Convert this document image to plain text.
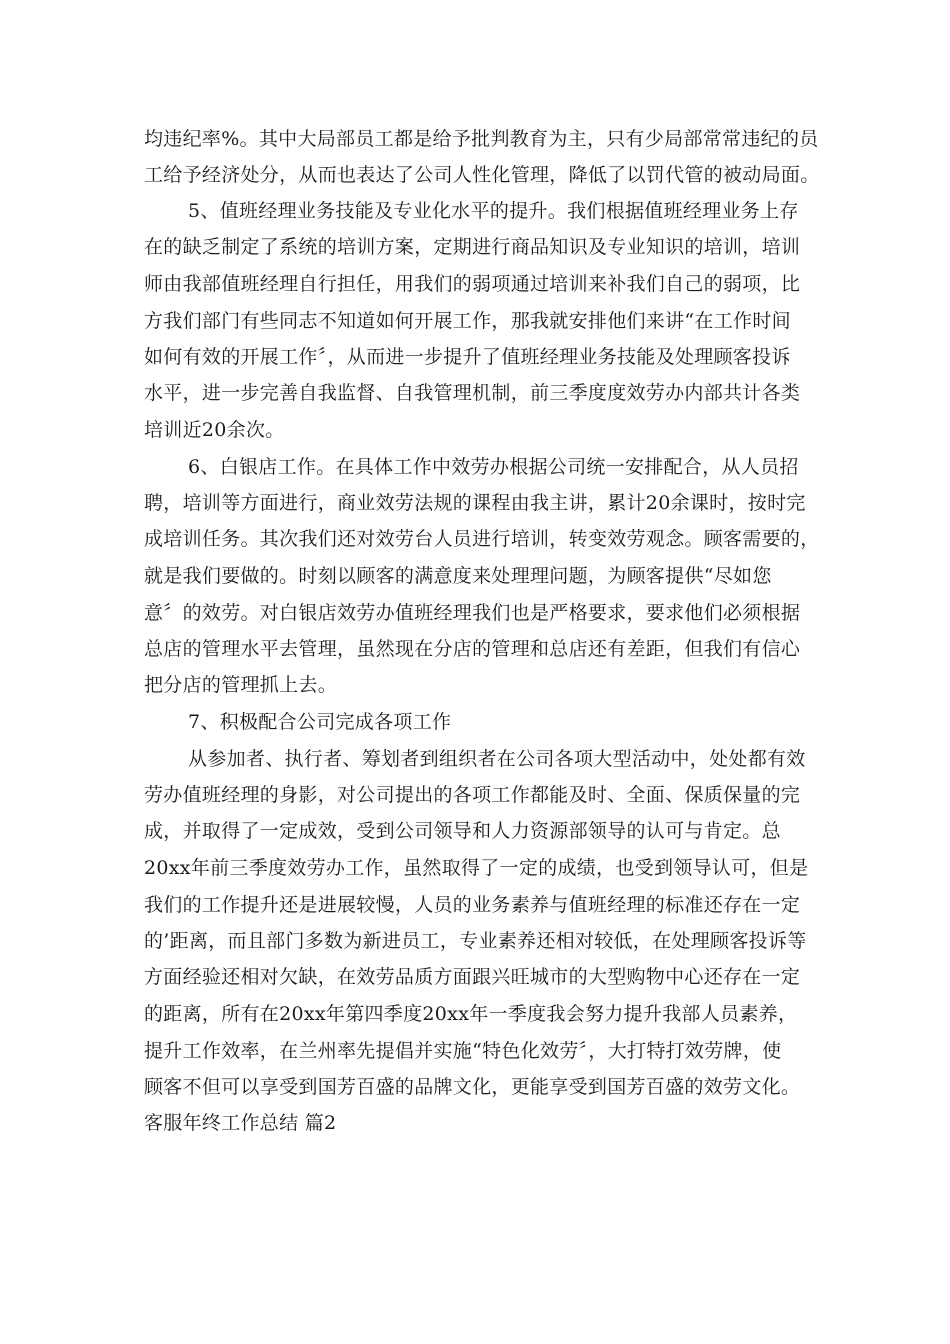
均违纪率%。其中大局部员工都是给予批判教育为主，只有少局部常常违纪的员
工给予经济处分，从而也表达了公司人性化管理，降低了以罚代管的被动局面。
5、值班经理业务技能及专业化水平的提升。我们根据值班经理业务上存
在的缺乏制定了系统的培训方案，定期进行商品知识及专业知识的培训，培训
师由我部值班经理自行担任，用我们的弱项通过培训来补我们自己的弱项，比
方我们部门有些同志不知道如何开展工作，那我就安排他们来讲“在工作时间
如何有效的开展工作〞，从而进一步提升了值班经理业务技能及处理顾客投诉
水平，进一步完善自我监督、自我管理机制，前三季度度效劳办内部共计各类
培训近20余次。
6、白银店工作。在具体工作中效劳办根据公司统一安排配合，从人员招
聘，培训等方面进行，商业效劳法规的课程由我主讲，累计20余课时，按时完
成培训任务。其次我们还对效劳台人员进行培训，转变效劳观念。顾客需要的，
就是我们要做的。时刻以顾客的满意度来处理理问题，为顾客提供“尽如您
意〞的效劳。对白银店效劳办值班经理我们也是严格要求，要求他们必须根据
总店的管理水平去管理，虽然现在分店的管理和总店还有差距，但我们有信心
把分店的管理抓上去。
7、积极配合公司完成各项工作
从参加者、执行者、筹划者到组织者在公司各项大型活动中，处处都有效
劳办值班经理的身影，对公司提出的各项工作都能及时、全面、保质保量的完
成，并取得了一定成效，受到公司领导和人力资源部领导的认可与肯定。总
20xx年前三季度效劳办工作，虽然取得了一定的成绩，也受到领导认可，但是
我们的工作提升还是进展较慢，人员的业务素养与值班经理的标准还存在一定
的’距离，而且部门多数为新进员工，专业素养还相对较低，在处理顾客投诉等
方面经验还相对欠缺，在效劳品质方面跟兴旺城市的大型购物中心还存在一定
的距离，所有在20xx年第四季度20xx年一季度我会努力提升我部人员素养，
提升工作效率，在兰州率先提倡并实施“特色化效劳〞，大打特打效劳牌，使
顾客不但可以享受到国芳百盛的品牌文化，更能享受到国芳百盛的效劳文化。
客服年终工作总结 篇2
